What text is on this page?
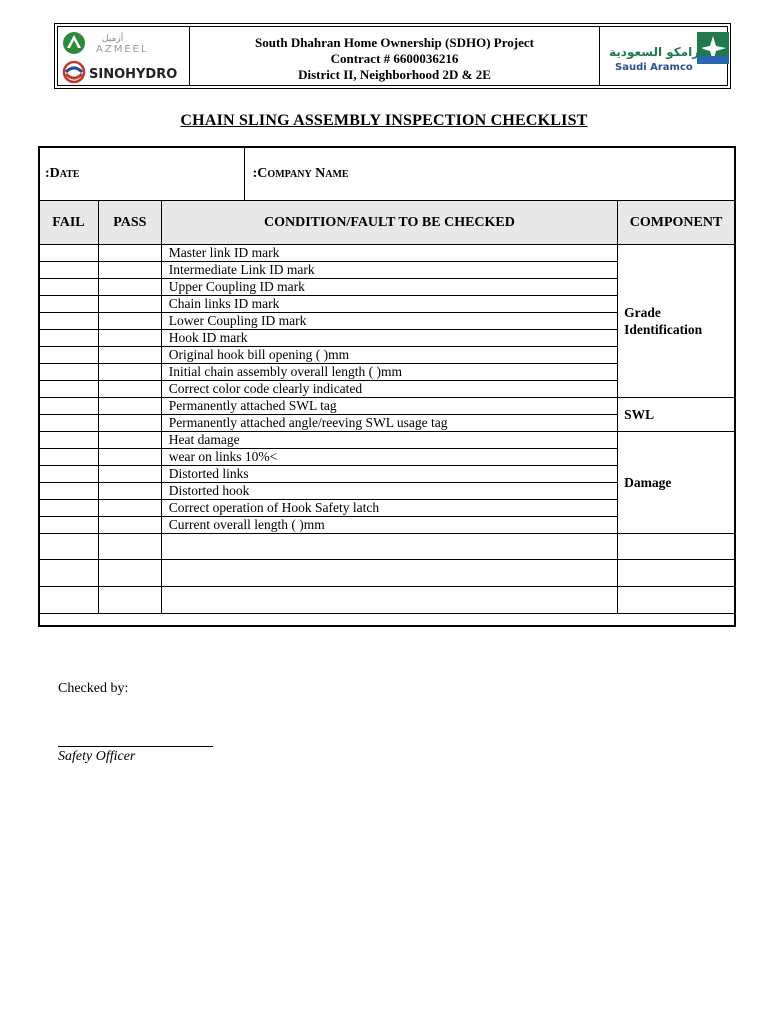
أزميل
AZMEEL
SINOHYDRO
South Dhahran Home Ownership (SDHO) Project
Contract # 6600036216
District II, Neighborhood 2D & 2E
أرامكو السعودية
Saudi Aramco
CHAIN SLING ASSEMBLY INSPECTION CHECKLIST
:Date			:Company Name	
FAIL	PASS	CONDITION/FAULT TO BE CHECKED		COMPONENT
		Master link ID mark		Grade
Identification

		Intermediate Link ID mark		
		Upper Coupling ID mark		
		Chain links ID mark		
		Lower Coupling ID mark		
		Hook ID mark		
		Original hook bill opening ( )mm		
		Initial chain assembly overall length ( )mm		
		Correct color code clearly indicated		
		Permanently attached SWL tag		SWL
		Permanently attached angle/reeving SWL usage tag		
		Heat damage		Damage
		wear on links 10%<		
		Distorted links		
		Distorted hook		
		Correct operation of Hook Safety latch		
		Current overall length ( )mm		

Checked by:
Safety Officer
